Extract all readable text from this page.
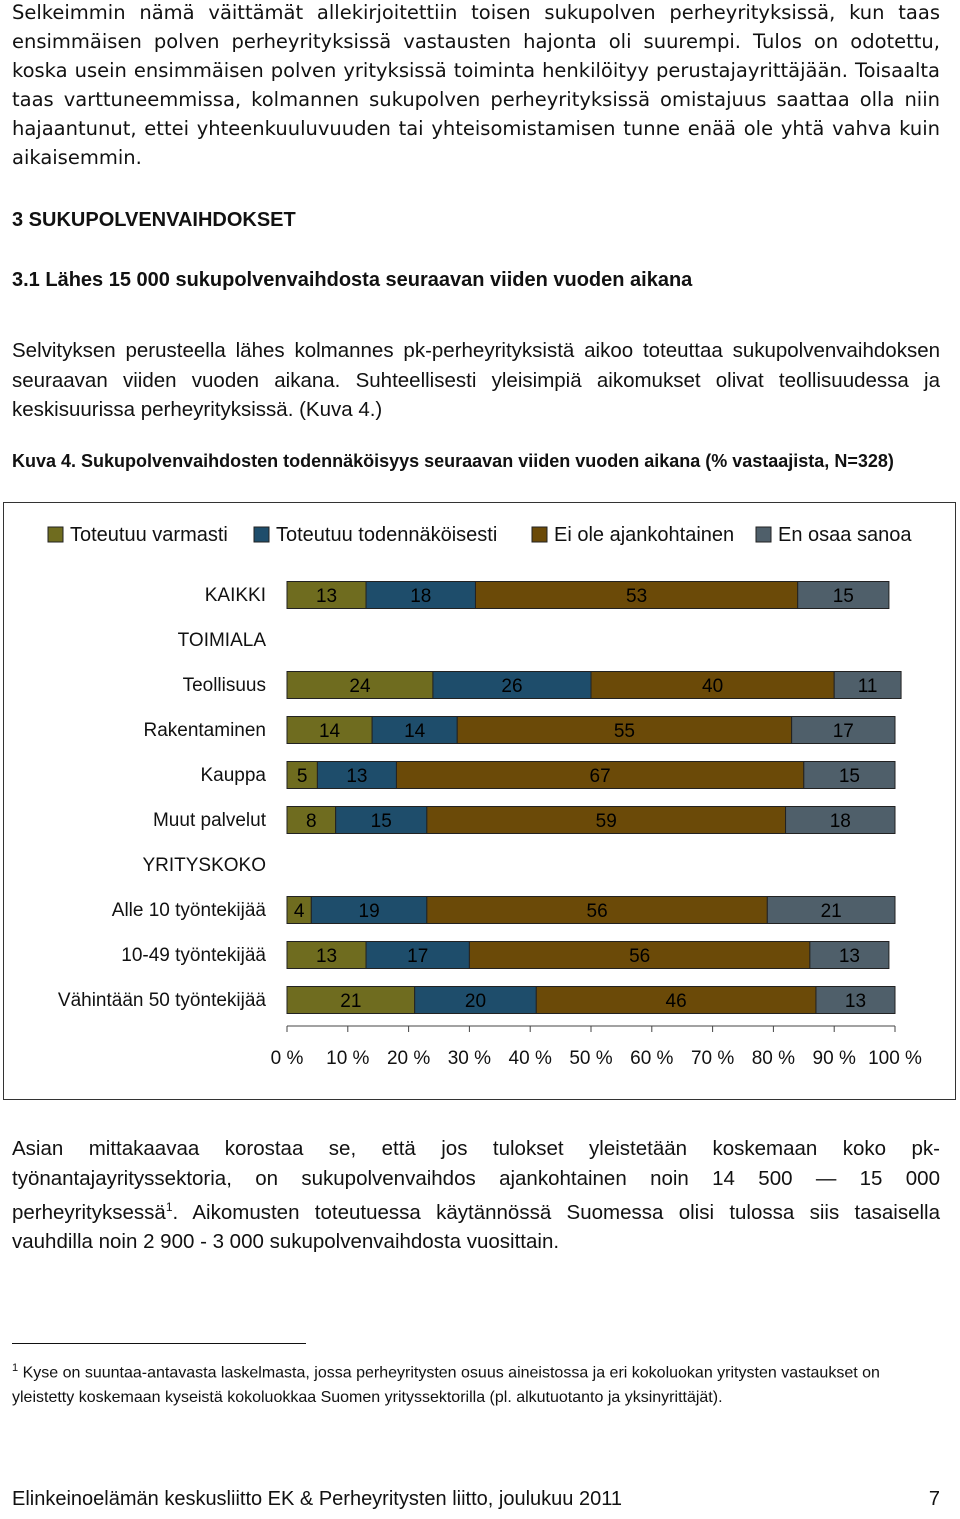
Selkeimmin nämä väittämät allekirjoitettiin toisen sukupolven perheyrityksissä, kun taas ensimmäisen polven perheyrityksissä vastausten hajonta oli suurempi. Tulos on odotettu, koska usein ensimmäisen polven yrityksissä toiminta henkilöityy perustajayrittäjään. Toisaalta taas varttuneemmissa, kolmannen sukupolven perheyrityksissä omistajuus saattaa olla niin hajaantunut, ettei yhteenkuuluvuuden tai yhteisomistamisen tunne enää ole yhtä vahva kuin aikaisemmin.

3 SUKUPOLVENVAIHDOKSET
3.1 Lähes 15 000 sukupolvenvaihdosta seuraavan viiden vuoden aikana

Selvityksen perusteella lähes kolmannes pk-perheyrityksistä aikoo toteuttaa sukupolvenvaihdoksen seuraavan viiden vuoden aikana. Suhteellisesti yleisimpiä aikomukset olivat teollisuudessa ja keskisuurissa perheyrityksissä. (Kuva 4.)

Kuva 4. Sukupolvenvaihdosten todennäköisyys seuraavan viiden vuoden aikana (% vastaajista, N=328)

Toteutuu varmasti Toteutuu todennäköisesti	Ei ole ajankohtainen En osaa sanoa
KAIKKI	13	18	53	15
TOIMIALA
Teollisuus	24	26	40	11
Rakentaminen	14	14	55	17
Kauppa 5 13	67	15
Muut palvelut 8	15	59	18
YRITYSKOKO
Alle 10 työntekijää 4	19	56	21
10-49 työntekijää	13	17	56	13
Vähintään 50 työntekijää	21	20	46	13
0 % 10 % 20 % 30 % 40 % 50 % 60 % 70 % 80 % 90 % 100 %

Asian mittakaavaa korostaa se, että jos tulokset yleistetään koskemaan koko pk-työnantajayrityssektoria, on sukupolvenvaihdos ajankohtainen noin 14 500 — 15 000 perheyrityksessä$^1$. Aikomusten toteutuessa käytännössä Suomessa olisi tulossa siis tasaisella vauhdilla noin 2 900 - 3 000 sukupolvenvaihdosta vuosittain.

$^1$ Kyse on suuntaa-antavasta laskelmasta, jossa perheyritysten osuus aineistossa ja eri kokoluokan yritysten vastaukset on yleistetty koskemaan kyseistä kokoluokkaa Suomen yrityssektorilla (pl. alkutuotanto ja yksinyrittäjät).

Elinkeinoelämän keskusliitto EK & Perheyritysten liitto, joulukuu 2011	7
